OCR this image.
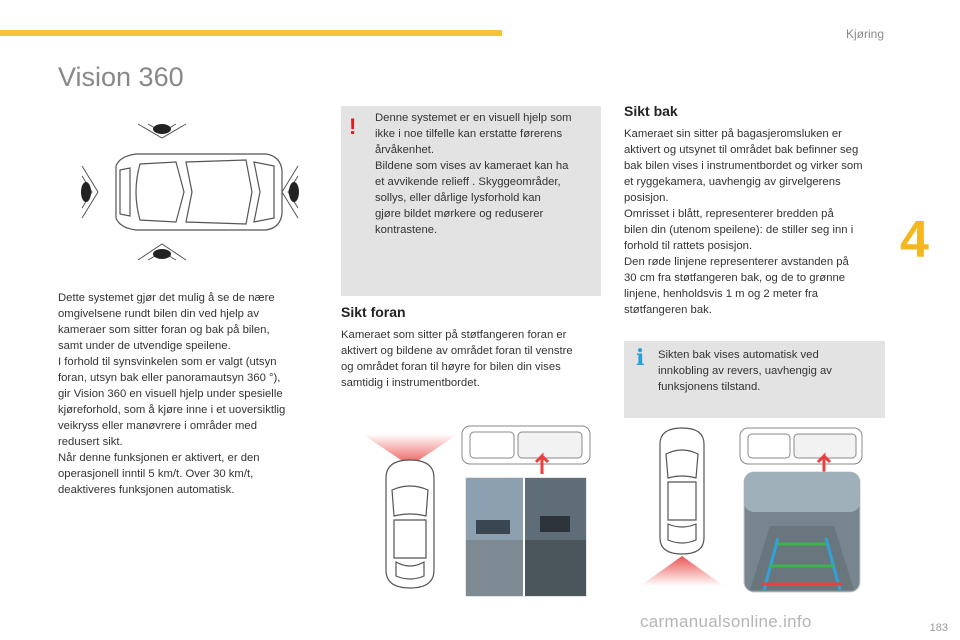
Kjøring
4
Vision 360
Dette systemet gjør det mulig å se de nære
omgivelsene rundt bilen din ved hjelp av
kameraer som sitter foran og bak på bilen,
samt under de utvendige speilene.
I forhold til synsvinkelen som er valgt (utsyn
foran, utsyn bak eller panoramautsyn 360 °),
gir Vision 360 en visuell hjelp under spesielle
kjøreforhold, som å kjøre inne i et uoversiktlig
veikryss eller manøvrere i områder med
redusert sikt.
Når denne funksjonen er aktivert, er den
operasjonell inntil 5 km/t. Over 30 km/t,
deaktiveres funksjonen automatisk.
! Denne systemet er en visuell hjelp som
ikke i noe tilfelle kan erstatte førerens
årvåkenhet.
Bildene som vises av kameraet kan ha
et avvikende relieff . Skyggeområder,
sollys, eller dårlige lysforhold kan
gjøre bildet mørkere og reduserer
kontrastene.
Sikt foran
Kameraet som sitter på støtfangeren foran er
aktivert og bildene av området foran til venstre
og området foran til høyre for bilen din vises
samtidig i instrumentbordet.
Sikt bak
Kameraet sin sitter på bagasjeromsluken er
aktivert og utsynet til området bak befinner seg
bak bilen vises i instrumentbordet og virker som
et ryggekamera, uavhengig av girvelgerens
posisjon.
Omrisset i blått, representerer bredden på
bilen din (utenom speilene): de stiller seg inn i
forhold til rattets posisjon.
Den røde linjene representerer avstanden på
30 cm fra støtfangeren bak, og de to grønne
linjene, henholdsvis 1 m og 2 meter fra
støtfangeren bak.
i Sikten bak vises automatisk ved
innkobling av revers, uavhengig av
funksjonens tilstand.
carmanualsonline.info	183
